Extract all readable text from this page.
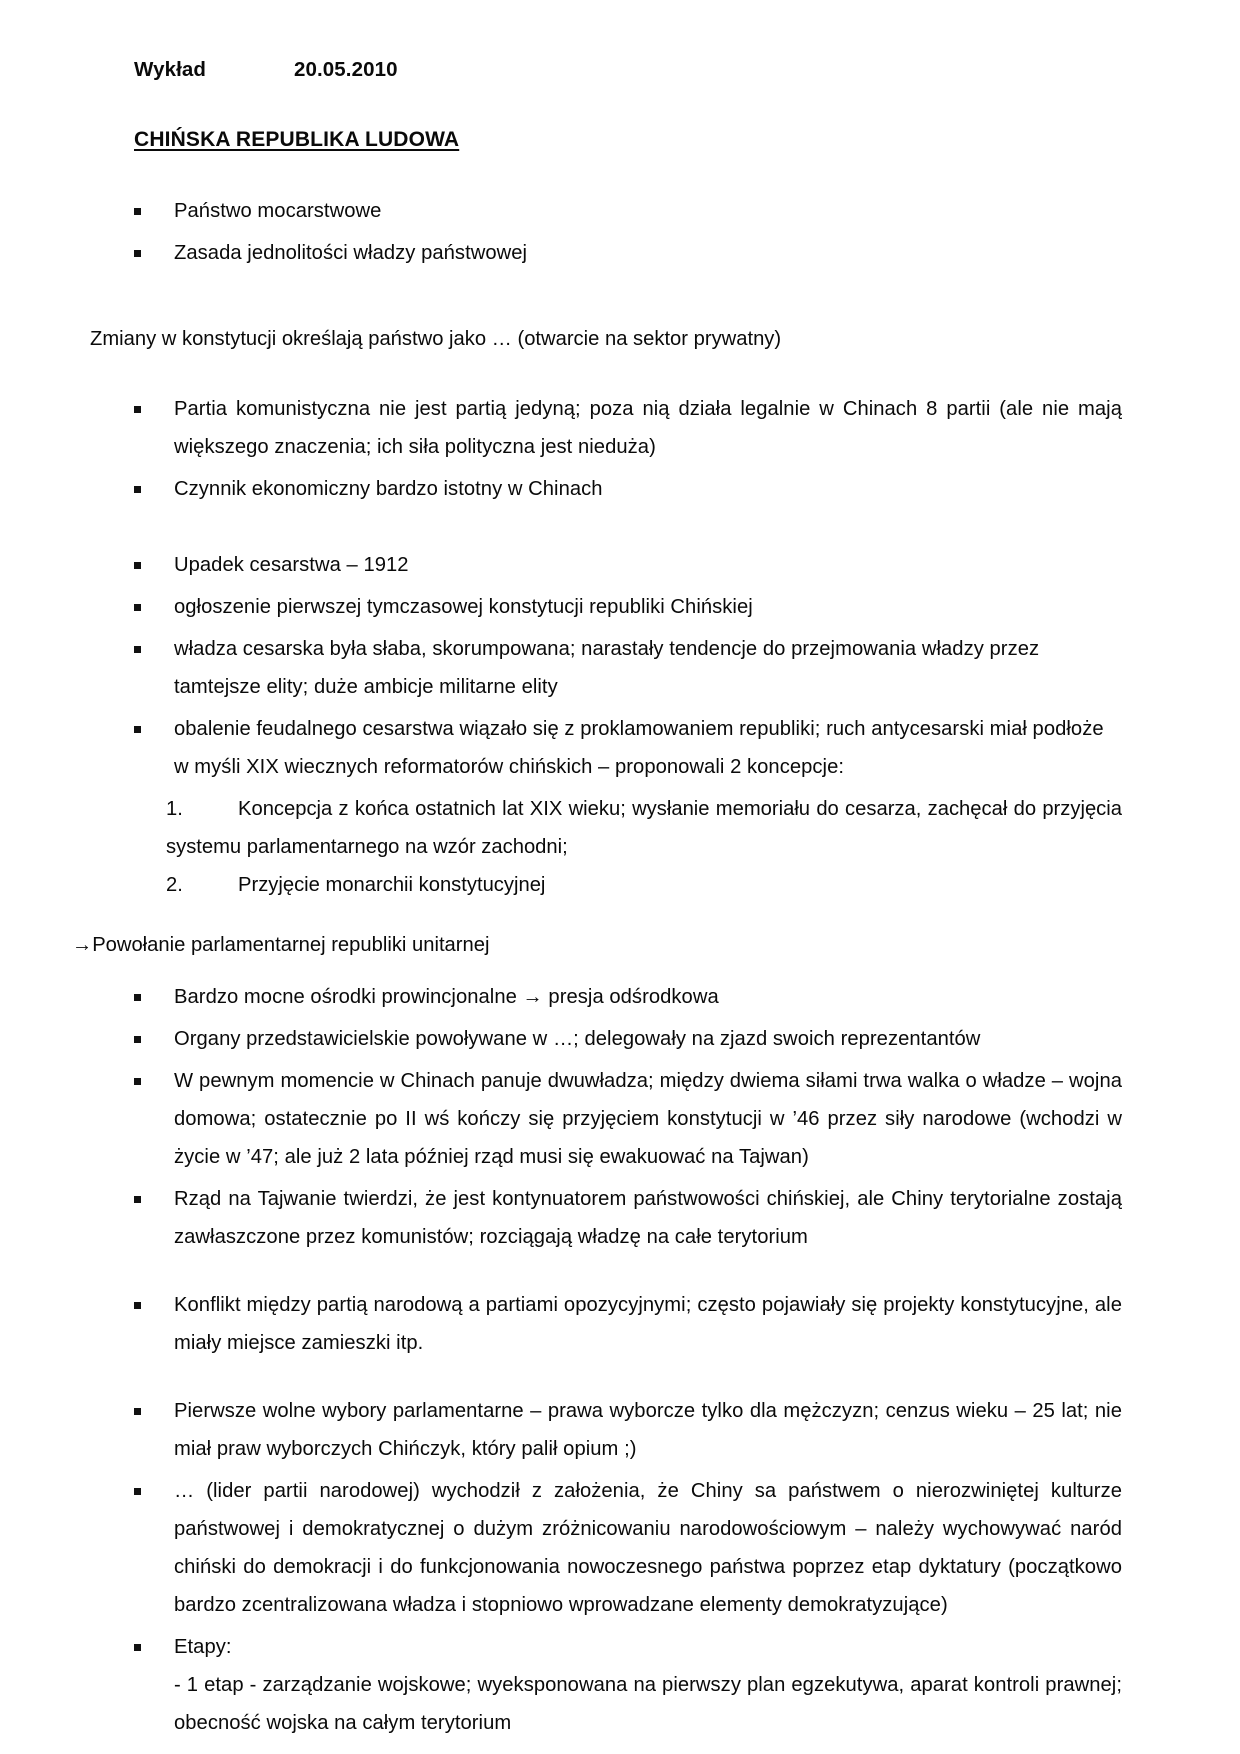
Wykład	20.05.2010
CHIŃSKA REPUBLIKA LUDOWA
Państwo mocarstwowe
Zasada jednolitości władzy państwowej

Zmiany w konstytucji określają państwo jako … (otwarcie na sektor prywatny)

Partia komunistyczna nie jest partią jedyną; poza nią działa legalnie w Chinach 8 partii (ale nie mają większego znaczenia; ich siła polityczna jest nieduża)
Czynnik ekonomiczny bardzo istotny w Chinach
Upadek cesarstwa – 1912
ogłoszenie pierwszej tymczasowej konstytucji republiki Chińskiej
władza cesarska była słaba, skorumpowana; narastały tendencje do przejmowania władzy przez tamtejsze elity; duże ambicje militarne elity
obalenie feudalnego cesarstwa wiązało się z proklamowaniem republiki; ruch antycesarski miał podłoże w myśli XIX wiecznych reformatorów chińskich – proponowali 2 koncepcje:
1.	Koncepcja z końca ostatnich lat XIX wieku; wysłanie memoriału do cesarza, zachęcał do przyjęcia systemu parlamentarnego na wzór zachodni;
2.	Przyjęcie monarchii konstytucyjnej

→Powołanie parlamentarnej republiki unitarnej

Bardzo mocne ośrodki prowincjonalne → presja odśrodkowa
Organy przedstawicielskie powoływane w …; delegowały na zjazd swoich reprezentantów
W pewnym momencie w Chinach panuje dwuwładza; między dwiema siłami trwa walka o władze – wojna domowa; ostatecznie po II wś kończy się przyjęciem konstytucji w ’46 przez siły narodowe (wchodzi w życie w ’47; ale już 2 lata później rząd musi się ewakuować na Tajwan)
Rząd na Tajwanie twierdzi, że jest kontynuatorem państwowości chińskiej, ale Chiny terytorialne zostają zawłaszczone przez komunistów; rozciągają władzę na całe terytorium
Konflikt między partią narodową a partiami opozycyjnymi; często pojawiały się projekty konstytucyjne, ale miały miejsce zamieszki itp.
Pierwsze wolne wybory parlamentarne – prawa wyborcze tylko dla mężczyzn; cenzus wieku – 25 lat; nie miał praw wyborczych Chińczyk, który palił opium ;)
… (lider partii narodowej) wychodził z założenia, że Chiny sa państwem o nierozwiniętej kulturze państwowej i demokratycznej o dużym zróżnicowaniu narodowościowym – należy wychowywać naród chiński do demokracji i do funkcjonowania nowoczesnego państwa poprzez etap dyktatury (początkowo bardzo zcentralizowana władza i stopniowo wprowadzane elementy demokratyzujące)
Etapy:
- 1 etap - zarządzanie wojskowe; wyeksponowana na pierwszy plan egzekutywa, aparat kontroli prawnej; obecność wojska na całym terytorium
